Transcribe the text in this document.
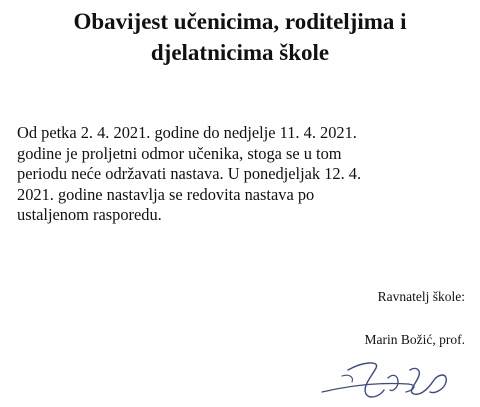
Obavijest učenicima, roditeljima i
djelatnicima škole

Od petka 2. 4. 2021. godine do nedjelje 11. 4. 2021.
godine je proljetni odmor učenika, stoga se u tom
periodu neće održavati nastava. U ponedjeljak 12. 4.
2021. godine nastavlja se redovita nastava po
ustaljenom rasporedu.

Ravnatelj škole:
Marin Božić, prof.
